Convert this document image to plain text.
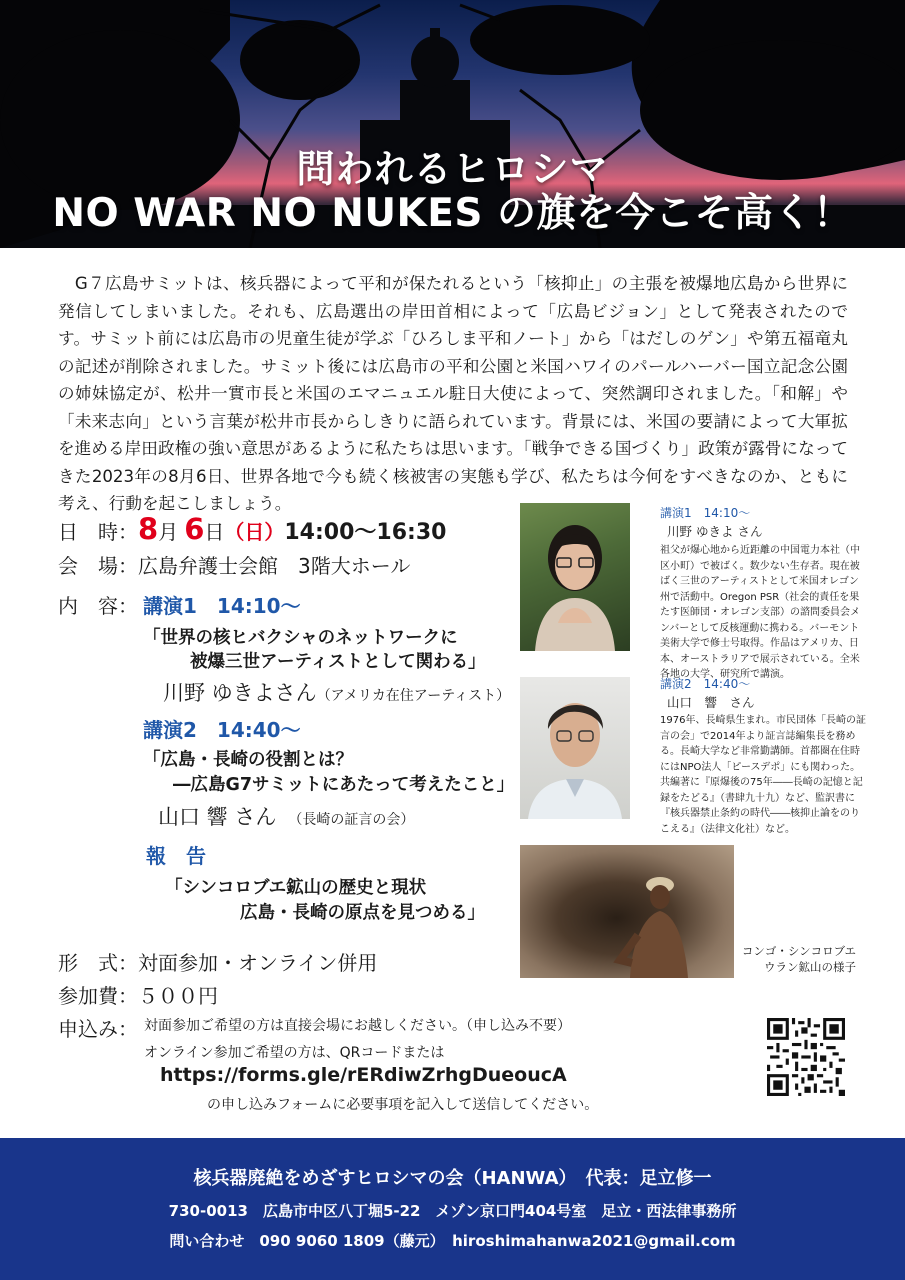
問われるヒロシマ
NO WAR NO NUKES の旗を今こそ高く！

　G７広島サミットは、核兵器によって平和が保たれるという「核抑止」の主張を被爆地広島から世界に発信してしまいました。それも、広島選出の岸田首相によって「広島ビジョン」として発表されたのです。サミット前には広島市の児童生徒が学ぶ「ひろしま平和ノート」から「はだしのゲン」や第五福竜丸の記述が削除されました。サミット後には広島市の平和公園と米国ハワイのパールハーバー国立記念公園の姉妹協定が、松井一實市長と米国のエマニュエル駐日大使によって、突然調印されました。「和解」や「未来志向」という言葉が松井市長からしきりに語られています。背景には、米国の要請によって大軍拡を進める岸田政権の強い意思があるように私たちは思います。「戦争できる国づくり」政策が露骨になってきた2023年の8月6日、世界各地で今も続く核被害の実態も学び、私たちは今何をすべきなのか、ともに考え、行動を起こしましょう。

日　時：8月 6日（日）14:00〜16:30
会　場：広島弁護士会館　3階大ホール
内　容： 講演1　14:10〜
「世界の核ヒバクシャのネットワークに
被爆三世アーティストとして関わる」
川野 ゆきよさん（アメリカ在住アーティスト）
講演2　14:40〜
「広島・長崎の役割とは？
―広島G7サミットにあたって考えたこと」
山口 響 さん （長崎の証言の会）
報　告
「シンコロブエ鉱山の歴史と現状
広島・長崎の原点を見つめる」
形　式：対面参加・オンライン併用
参加費：５００円
申込み： 対面参加ご希望の方は直接会場にお越しください。（申し込み不要）
オンライン参加ご希望の方は、QRコードまたは
https://forms.gle/rERdiwZrhgDueoucA
の申し込みフォームに必要事項を記入して送信してください。
講演1　14:10〜
川野 ゆきよ さん
祖父が爆心地から近距離の中国電力本社（中区小町）で被ばく。数少ない生存者。現在被ばく三世のアーティストとして米国オレゴン州で活動中。Oregon PSR（社会的責任を果たす医師団・オレゴン支部）の諮問委員会メンバーとして反核運動に携わる。バーモント美術大学で修士号取得。作品はアメリカ、日本、オーストラリアで展示されている。全米各地の大学、研究所で講演。
講演2　14:40〜
山口　響　さん
1976年、長崎県生まれ。市民団体「長崎の証言の会」で2014年より証言誌編集長を務める。長崎大学など非常勤講師。首都圏在住時にはNPO法人「ピースデポ」にも関わった。共編著に『原爆後の75年――長崎の記憶と記録をたどる』（書肆九十九）など、監訳書に『核兵器禁止条約の時代――核抑止論をのりこえる』（法律文化社）など。
コンゴ・シンコロブエ
ウラン鉱山の様子
核兵器廃絶をめざすヒロシマの会（HANWA）　代表：足立修一
730-0013　広島市中区八丁堀5-22　メゾン京口門404号室　足立・西法律事務所
問い合わせ　090 9060 1809（藤元）　hiroshimahanwa2021@gmail.com
